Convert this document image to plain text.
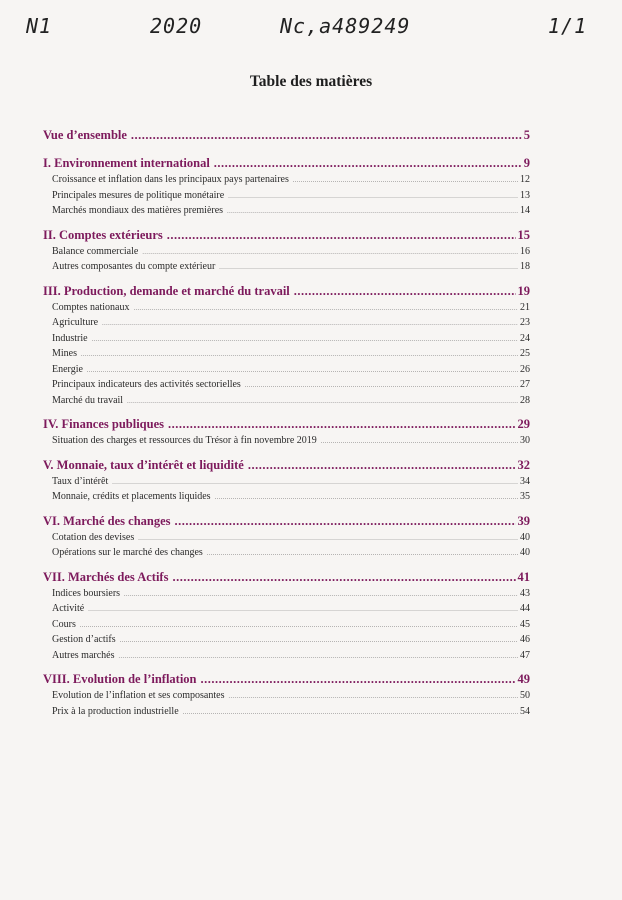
N1	2020	Nc,a489249	1/1
Table des matières
Vue d’ensemble .....	5
I. Environnement international .....	9
Croissance et inflation dans les principaux pays partenaires .....	12
Principales mesures de politique monétaire .....	13
Marchés mondiaux des matières premières .....	14
II. Comptes extérieurs .....	15
Balance commerciale .....	16
Autres composantes du compte extérieur .....	18
III. Production, demande et marché du travail .....	19
Comptes nationaux .....	21
Agriculture .....	23
Industrie .....	24
Mines .....	25
Energie .....	26
Principaux indicateurs des activités sectorielles .....	27
Marché du travail .....	28
IV. Finances publiques .....	29
Situation des charges et ressources du Trésor à fin novembre 2019 .....	30
V. Monnaie, taux d’intérêt et liquidité .....	32
Taux d’intérêt .....	34
Monnaie, crédits et placements liquides .....	35
VI. Marché des changes .....	39
Cotation des devises .....	40
Opérations sur le marché des changes .....	40
VII. Marchés des Actifs .....	41
Indices boursiers .....	43
Activité .....	44
Cours .....	45
Gestion d’actifs .....	46
Autres marchés .....	47
VIII. Evolution de l’inflation .....	49
Evolution de l’inflation et ses composantes .....	50
Prix à la production industrielle .....	54
